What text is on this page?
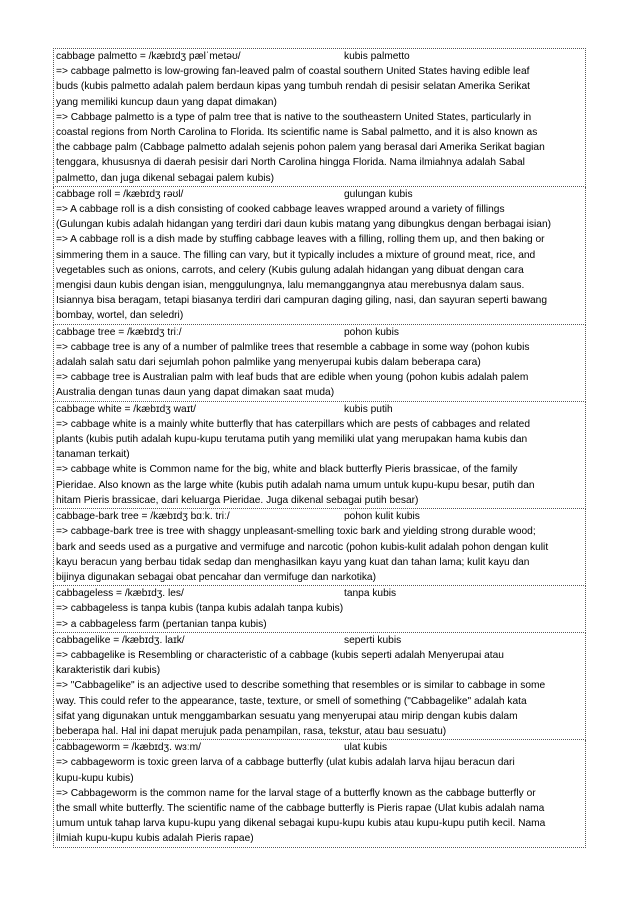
cabbage palmetto = /kæbɪdʒ pælˈmetəʊ/	kubis palmetto
=> cabbage palmetto is low-growing fan-leaved palm of coastal southern United States having edible leaf
buds (kubis palmetto adalah palem berdaun kipas yang tumbuh rendah di pesisir selatan Amerika Serikat
yang memiliki kuncup daun yang dapat dimakan)
=> Cabbage palmetto is a type of palm tree that is native to the southeastern United States, particularly in
coastal regions from North Carolina to Florida. Its scientific name is Sabal palmetto, and it is also known as
the cabbage palm (Cabbage palmetto adalah sejenis pohon palem yang berasal dari Amerika Serikat bagian
tenggara, khususnya di daerah pesisir dari North Carolina hingga Florida. Nama ilmiahnya adalah Sabal
palmetto, dan juga dikenal sebagai palem kubis)
cabbage roll = /kæbɪdʒ rəʊl/	gulungan kubis
=> A cabbage roll is a dish consisting of cooked cabbage leaves wrapped around a variety of fillings
(Gulungan kubis adalah hidangan yang terdiri dari daun kubis matang yang dibungkus dengan berbagai isian)
=> A cabbage roll is a dish made by stuffing cabbage leaves with a filling, rolling them up, and then baking or
simmering them in a sauce. The filling can vary, but it typically includes a mixture of ground meat, rice, and
vegetables such as onions, carrots, and celery (Kubis gulung adalah hidangan yang dibuat dengan cara
mengisi daun kubis dengan isian, menggulungnya, lalu memanggangnya atau merebusnya dalam saus.
Isiannya bisa beragam, tetapi biasanya terdiri dari campuran daging giling, nasi, dan sayuran seperti bawang
bombay, wortel, dan seledri)
cabbage tree = /kæbɪdʒ triː/	pohon kubis
=> cabbage tree is any of a number of palmlike trees that resemble a cabbage in some way (pohon kubis
adalah salah satu dari sejumlah pohon palmlike yang menyerupai kubis dalam beberapa cara)
=> cabbage tree is Australian palm with leaf buds that are edible when young (pohon kubis adalah palem
Australia dengan tunas daun yang dapat dimakan saat muda)
cabbage white = /kæbɪdʒ waɪt/	kubis putih
=> cabbage white is a mainly white butterfly that has caterpillars which are pests of cabbages and related
plants (kubis putih adalah kupu-kupu terutama putih yang memiliki ulat yang merupakan hama kubis dan
tanaman terkait)
=> cabbage white is Common name for the big, white and black butterfly Pieris brassicae, of the family
Pieridae. Also known as the large white (kubis putih adalah nama umum untuk kupu-kupu besar, putih dan
hitam Pieris brassicae, dari keluarga Pieridae. Juga dikenal sebagai putih besar)
cabbage-bark tree = /kæbɪdʒ bɑːk. triː/	pohon kulit kubis
=> cabbage-bark tree is tree with shaggy unpleasant-smelling toxic bark and yielding strong durable wood;
bark and seeds used as a purgative and vermifuge and narcotic (pohon kubis-kulit adalah pohon dengan kulit
kayu beracun yang berbau tidak sedap dan menghasilkan kayu yang kuat dan tahan lama; kulit kayu dan
bijinya digunakan sebagai obat pencahar dan vermifuge dan narkotika)
cabbageless = /kæbɪdʒ. les/	tanpa kubis
=> cabbageless is tanpa kubis (tanpa kubis adalah tanpa kubis)
=> a cabbageless farm (pertanian tanpa kubis)
cabbagelike = /kæbɪdʒ. laɪk/	seperti kubis
=> cabbagelike is Resembling or characteristic of a cabbage (kubis seperti adalah Menyerupai atau
karakteristik dari kubis)
=> "Cabbagelike" is an adjective used to describe something that resembles or is similar to cabbage in some
way. This could refer to the appearance, taste, texture, or smell of something ("Cabbagelike" adalah kata
sifat yang digunakan untuk menggambarkan sesuatu yang menyerupai atau mirip dengan kubis dalam
beberapa hal. Hal ini dapat merujuk pada penampilan, rasa, tekstur, atau bau sesuatu)
cabbageworm = /kæbɪdʒ. wɜːm/	ulat kubis
=> cabbageworm is toxic green larva of a cabbage butterfly (ulat kubis adalah larva hijau beracun dari
kupu-kupu kubis)
=> Cabbageworm is the common name for the larval stage of a butterfly known as the cabbage butterfly or
the small white butterfly. The scientific name of the cabbage butterfly is Pieris rapae (Ulat kubis adalah nama
umum untuk tahap larva kupu-kupu yang dikenal sebagai kupu-kupu kubis atau kupu-kupu putih kecil. Nama
ilmiah kupu-kupu kubis adalah Pieris rapae)
